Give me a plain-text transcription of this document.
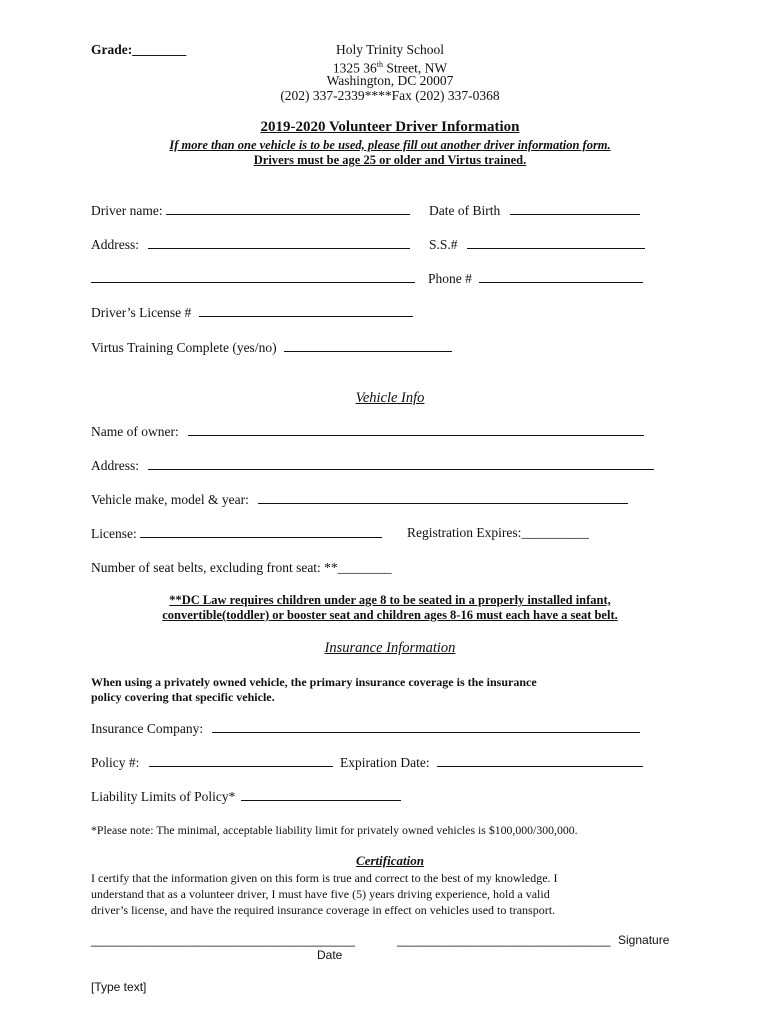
Grade:________	Holy Trinity School
1325 36th Street, NW
Washington, DC 20007
(202) 337-2339****Fax (202) 337-0368
2019-2020 Volunteer Driver Information
If more than one vehicle is to be used, please fill out another driver information form.
Drivers must be age 25 or older and Virtus trained.
Driver name:	Date of Birth
Address:	S.S.#
Phone #
Driver’s License #
Virtus Training Complete (yes/no)
Vehicle Info
Name of owner:
Address:
Vehicle make, model & year:
License:	Registration Expires:__________
Number of seat belts, excluding front seat: **________
**DC Law requires children under age 8 to be seated in a properly installed infant,
convertible(toddler) or booster seat and children ages 8-16 must each have a seat belt.
Insurance Information
When using a privately owned vehicle, the primary insurance coverage is the insurance
policy covering that specific vehicle.
Insurance Company:
Policy #:	Expiration Date:
Liability Limits of Policy*
*Please note: The minimal, acceptable liability limit for privately owned vehicles is $100,000/300,000.
Certification
I certify that the information given on this form is true and correct to the best of my knowledge. I
understand that as a volunteer driver, I must have five (5) years driving experience, hold a valid
driver’s license, and have the required insurance coverage in effect on vehicles used to transport.
_______________________________________	________________________________ Signature
Date
[Type text]
